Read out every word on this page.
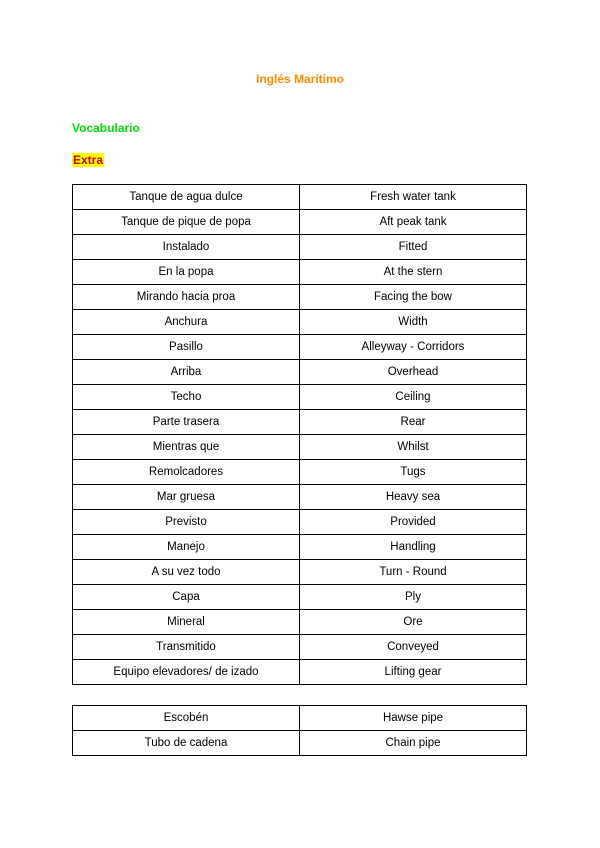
Inglés Marítimo
Vocabulario
Extra
Tanque de agua dulce	Fresh water tank
Tanque de pique de popa	Aft peak tank
Instalado	Fitted
En la popa	At the stern
Mirando hacia proa	Facing the bow
Anchura	Width
Pasillo	Alleyway - Corridors
Arriba	Overhead
Techo	Ceiling
Parte trasera	Rear
Mientras que	Whilst
Remolcadores	Tugs
Mar gruesa	Heavy sea
Previsto	Provided
Manejo	Handling
A su vez todo	Turn - Round
Capa	Ply
Mineral	Ore
Transmitido	Conveyed
Equipo elevadores/ de izado	Lifting gear
Escobén	Hawse pipe
Tubo de cadena	Chain pipe
